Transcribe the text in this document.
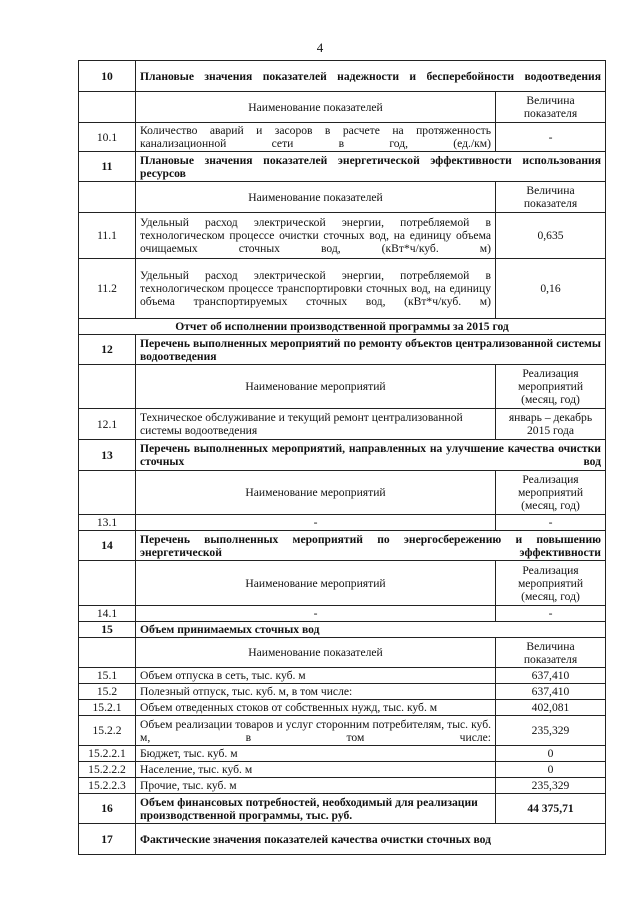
4
10	Плановые значения показателей надежности и бесперебойности водоотведения	
	Наименование показателей	Величина показателя
10.1	Количество аварий и засоров в расчете на протяженность канализационной сети в год, (ед./км)	-
11	Плановые значения показателей энергетической эффективности использования ресурсов	
	Наименование показателей	Величина показателя
11.1	Удельный расход электрической энергии, потребляемой в технологическом процессе очистки сточных вод, на единицу объема очищаемых сточных вод, (кВт*ч/куб. м)	0,635
11.2	Удельный расход электрической энергии, потребляемой в технологическом процессе транспортировки сточных вод, на единицу объема транспортируемых сточных вод, (кВт*ч/куб. м)	0,16
Отчет об исполнении производственной программы за 2015 год		
12	Перечень выполненных мероприятий по ремонту объектов централизованной системы водоотведения	
	Наименование мероприятий	Реализация мероприятий (месяц, год)
12.1	Техническое обслуживание и текущий ремонт централизованной системы водоотведения	январь – декабрь 2015 года
13	Перечень выполненных мероприятий, направленных на улучшение качества очистки сточных вод	
	Наименование мероприятий	Реализация мероприятий (месяц, год)
13.1	-	-
14	Перечень выполненных мероприятий по энергосбережению и повышению энергетической эффективности	
	Наименование мероприятий	Реализация мероприятий (месяц, год)
14.1	-	-
15	Объем принимаемых сточных вод	
	Наименование показателей	Величина показателя
15.1	Объем отпуска в сеть, тыс. куб. м	637,410
15.2	Полезный отпуск, тыс. куб. м, в том числе:	637,410
15.2.1	Объем отведенных стоков от собственных нужд, тыс. куб. м	402,081
15.2.2	Объем реализации товаров и услуг сторонним потребителям, тыс. куб. м, в том числе:	235,329
15.2.2.1	Бюджет, тыс. куб. м	0
15.2.2.2	Население, тыс. куб. м	0
15.2.2.3	Прочие, тыс. куб. м	235,329
16	Объем финансовых потребностей, необходимый для реализации производственной программы, тыс. руб.	44 375,71
17	Фактические значения показателей качества очистки сточных вод	
